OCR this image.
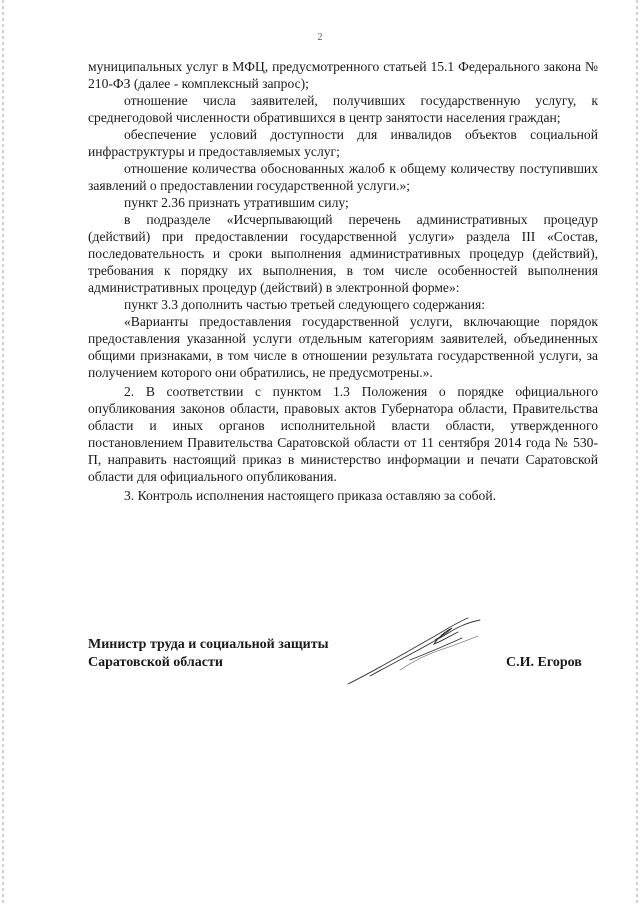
2

муниципальных услуг в МФЦ, предусмотренного статьей 15.1 Федерального закона № 210-ФЗ (далее - комплексный запрос);

отношение числа заявителей, получивших государственную услугу, к среднегодовой численности обратившихся в центр занятости населения граждан;

обеспечение условий доступности для инвалидов объектов социальной инфраструктуры и предоставляемых услуг;

отношение количества обоснованных жалоб к общему количеству поступивших заявлений о предоставлении государственной услуги.»;

пункт 2.36 признать утратившим силу;

в подразделе «Исчерпывающий перечень административных процедур (действий) при предоставлении государственной услуги» раздела III «Состав, последовательность и сроки выполнения административных процедур (действий), требования к порядку их выполнения, в том числе особенностей выполнения административных процедур (действий) в электронной форме»:

пункт 3.3 дополнить частью третьей следующего содержания:

«Варианты предоставления государственной услуги, включающие порядок предоставления указанной услуги отдельным категориям заявителей, объединенных общими признаками, в том числе в отношении результата государственной услуги, за получением которого они обратились, не предусмотрены.».

2. В соответствии с пунктом 1.3 Положения о порядке официального опубликования законов области, правовых актов Губернатора области, Правительства области и иных органов исполнительной власти области, утвержденного постановлением Правительства Саратовской области от 11 сентября 2014 года № 530-П, направить настоящий приказ в министерство информации и печати Саратовской области для официального опубликования.

3. Контроль исполнения настоящего приказа оставляю за собой.

Министр труда и социальной защиты
Саратовской области	С.И. Егоров
